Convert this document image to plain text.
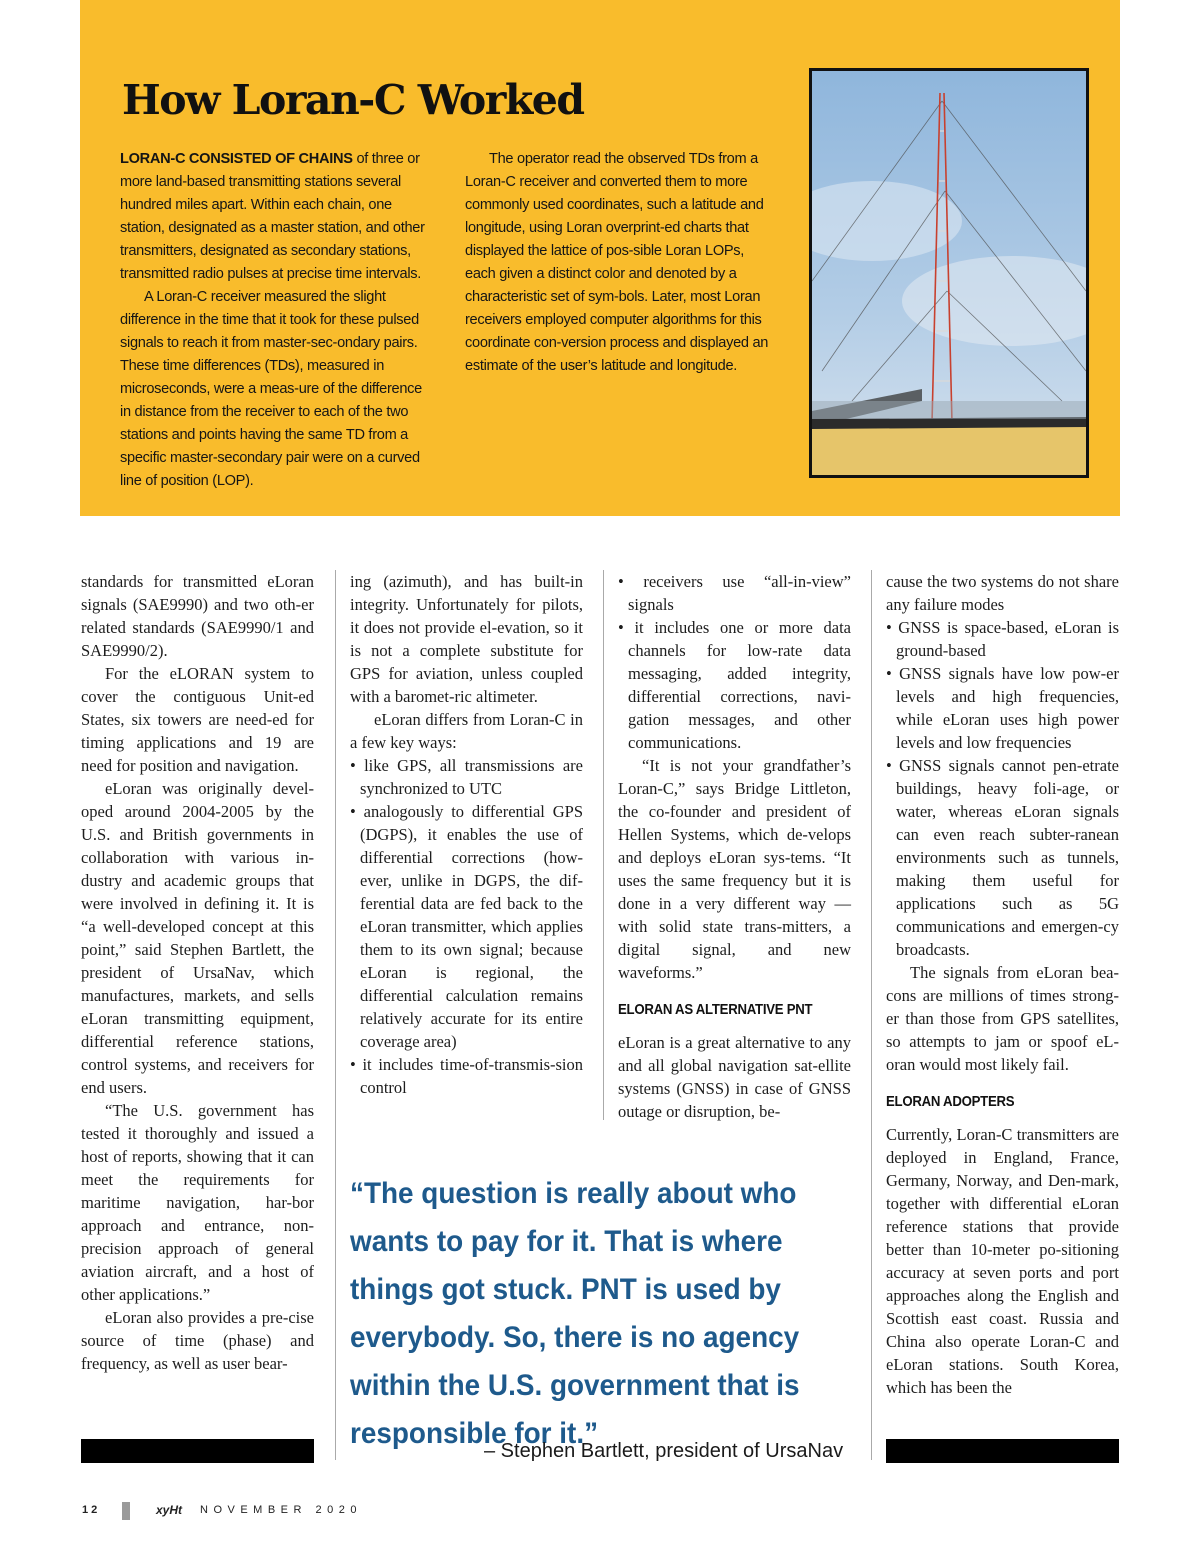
How Loran-C Worked

LORAN-C CONSISTED OF CHAINS of three or more land-based transmitting stations several hundred miles apart. Within each chain, one station, designated as a master station, and other transmitters, designated as secondary stations, transmitted radio pulses at precise time intervals.

A Loran-C receiver measured the slight difference in the time that it took for these pulsed signals to reach it from master-sec-ondary pairs. These time differences (TDs), measured in microseconds, were a meas-ure of the difference in distance from the receiver to each of the two stations and points having the same TD from a specific master-secondary pair were on a curved line of position (LOP).

The operator read the observed TDs from a Loran-C receiver and converted them to more commonly used coordinates, such a latitude and longitude, using Loran overprint-ed charts that displayed the lattice of pos-sible Loran LOPs, each given a distinct color and denoted by a characteristic set of sym-bols. Later, most Loran receivers employed computer algorithms for this coordinate con-version process and displayed an estimate of the user’s latitude and longitude.

standards for transmitted eLoran signals (SAE9990) and two oth-er related standards (SAE9990/1 and SAE9990/2).

For the eLORAN system to cover the contiguous Unit-ed States, six towers are need-ed for timing applications and 19 are need for position and navigation.

eLoran was originally devel-oped around 2004-2005 by the U.S. and British governments in collaboration with various in-dustry and academic groups that were involved in defining it. It is “a well-developed concept at this point,” said Stephen Bartlett, the president of UrsaNav, which manufactures, markets, and sells eLoran transmitting equipment, differential reference stations, control systems, and receivers for end users.

“The U.S. government has tested it thoroughly and issued a host of reports, showing that it can meet the requirements for maritime navigation, har-bor approach and entrance, non-precision approach of general aviation aircraft, and a host of other applications.”

eLoran also provides a pre-cise source of time (phase) and frequency, as well as user bear-

ing (azimuth), and has built-in integrity. Unfortunately for pilots, it does not provide el-evation, so it is not a complete substitute for GPS for aviation, unless coupled with a baromet-ric altimeter.

eLoran differs from Loran-C in a few key ways:

• like GPS, all transmissions are synchronized to UTC
• analogously to differential GPS (DGPS), it enables the use of differential corrections (how-ever, unlike in DGPS, the dif-ferential data are fed back to the eLoran transmitter, which applies them to its own signal; because eLoran is regional, the differential calculation remains relatively accurate for its entire coverage area)
• it includes time-of-transmis-sion control
• receivers use “all-in-view” signals
• it includes one or more data channels for low-rate data messaging, added integrity, differential corrections, navi-gation messages, and other communications.

“It is not your grandfather’s Loran-C,” says Bridge Littleton, the co-founder and president of Hellen Systems, which de-velops and deploys eLoran sys-tems. “It uses the same frequency but it is done in a very different way — with solid state trans-mitters, a digital signal, and new waveforms.”

ELORAN AS ALTERNATIVE PNT

eLoran is a great alternative to any and all global navigation sat-ellite systems (GNSS) in case of GNSS outage or disruption, be-

cause the two systems do not share any failure modes

• GNSS is space-based, eLoran is ground-based
• GNSS signals have low pow-er levels and high frequencies, while eLoran uses high power levels and low frequencies
• GNSS signals cannot pen-etrate buildings, heavy foli-age, or water, whereas eLoran signals can even reach subter-ranean environments such as tunnels, making them useful for applications such as 5G communications and emergen-cy broadcasts.

The signals from eLoran bea-cons are millions of times strong-er than those from GPS satellites, so attempts to jam or spoof eL-oran would most likely fail.

ELORAN ADOPTERS

Currently, Loran-C transmitters are deployed in England, France, Germany, Norway, and Den-mark, together with differential eLoran reference stations that provide better than 10-meter po-sitioning accuracy at seven ports and port approaches along the English and Scottish east coast. Russia and China also operate Loran-C and eLoran stations. South Korea, which has been the

“The question is really about who wants to pay for it. That is where things got stuck. PNT is used by everybody. So, there is no agency within the U.S. government that is responsible for it.”
– Stephen Bartlett, president of UrsaNav
12	xyHt NOVEMBER 2020
